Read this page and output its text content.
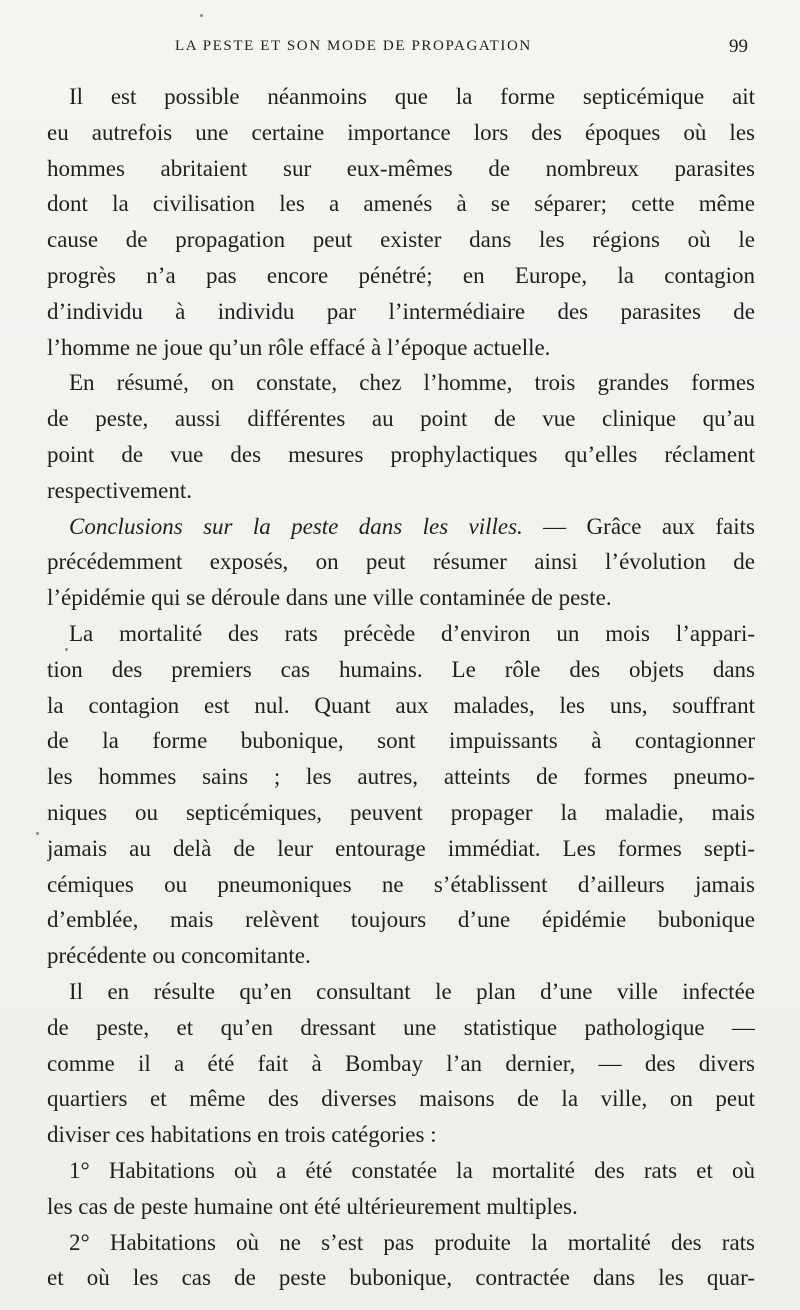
LA PESTE ET SON MODE DE PROPAGATION	99
Il est possible néanmoins que la forme septicémique ait
eu autrefois une certaine importance lors des époques où les
hommes abritaient sur eux-mêmes de nombreux parasites
dont la civilisation les a amenés à se séparer; cette même
cause de propagation peut exister dans les régions où le
progrès n’a pas encore pénétré; en Europe, la contagion
d’individu à individu par l’intermédiaire des parasites de
l’homme ne joue qu’un rôle effacé à l’époque actuelle.
En résumé, on constate, chez l’homme, trois grandes formes
de peste, aussi différentes au point de vue clinique qu’au
point de vue des mesures prophylactiques qu’elles réclament
respectivement.
Conclusions sur la peste dans les villes. — Grâce aux faits
précédemment exposés, on peut résumer ainsi l’évolution de
l’épidémie qui se déroule dans une ville contaminée de peste.
La mortalité des rats précède d’environ un mois l’appari-
tion des premiers cas humains. Le rôle des objets dans
la contagion est nul. Quant aux malades, les uns, souffrant
de la forme bubonique, sont impuissants à contagionner
les hommes sains ; les autres, atteints de formes pneumo-
niques ou septicémiques, peuvent propager la maladie, mais
jamais au delà de leur entourage immédiat. Les formes septi-
cémiques ou pneumoniques ne s’établissent d’ailleurs jamais
d’emblée, mais relèvent toujours d’une épidémie bubonique
précédente ou concomitante.
Il en résulte qu’en consultant le plan d’une ville infectée
de peste, et qu’en dressant une statistique pathologique —
comme il a été fait à Bombay l’an dernier, — des divers
quartiers et même des diverses maisons de la ville, on peut
diviser ces habitations en trois catégories :
1° Habitations où a été constatée la mortalité des rats et où
les cas de peste humaine ont été ultérieurement multiples.
2° Habitations où ne s’est pas produite la mortalité des rats
et où les cas de peste bubonique, contractée dans les quar-
